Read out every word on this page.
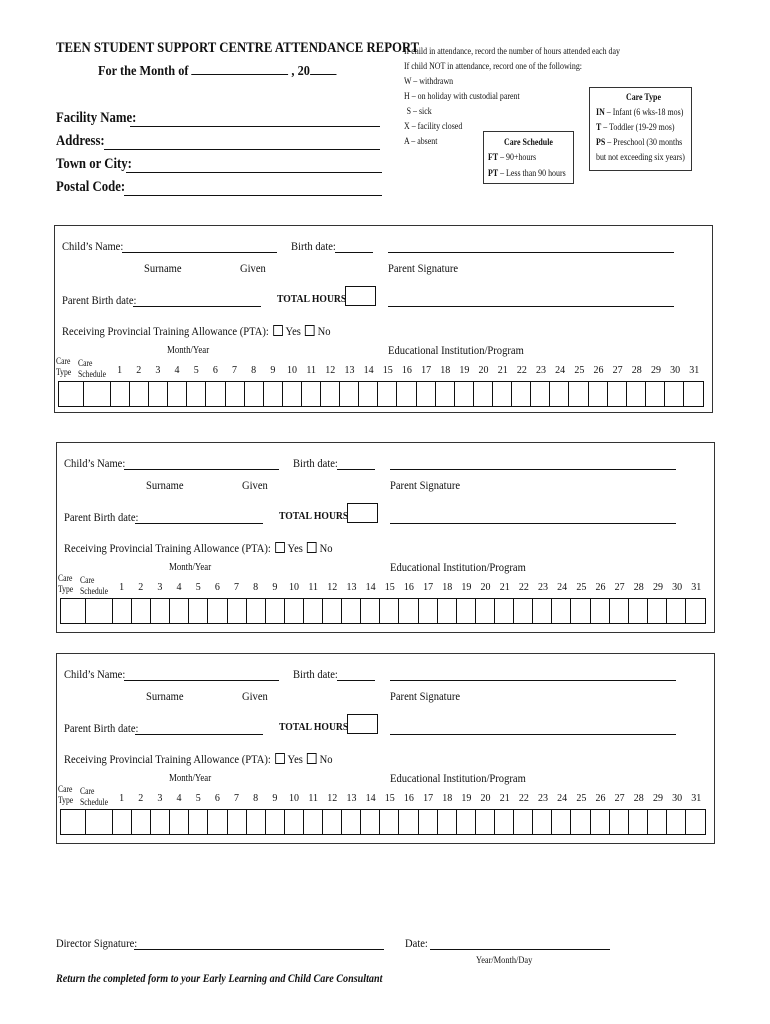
TEEN STUDENT SUPPORT CENTRE ATTENDANCE REPORT
For the Month of	, 20
Facility Name:
Address:
Town or City:
Postal Code:
If child in attendance, record the number of hours attended each day
If child NOT in attendance, record one of the following:
W – withdrawn
H – on holiday with custodial parent
S – sick
X – facility closed
A – absent	Care Schedule
FT – 90+hours
PT – Less than 90 hours
Care Type
IN – Infant (6 wks-18 mos)
T – Toddler (19-29 mos)
PS – Preschool (30 months
but not exceeding six years)
Child’s Name:	Birth date:
Surname	Given	Parent Signature
Parent Birth date:	TOTAL HOURS
Receiving Provincial Training Allowance (PTA): Yes No
Month/Year	Educational Institution/Program
Care
Type
Care
Schedule	1	2	3	4	5	6	7	8	9	10 11 12 13 14 15 16 17 18 19 20 21 22 23 24 25 26 27 28 29 30 31
Child’s Name:	Birth date:
Surname	Given	Parent Signature
Parent Birth date:	TOTAL HOURS
Receiving Provincial Training Allowance (PTA): Yes No
Month/Year	Educational Institution/Program
Care
Type
Care
Schedule	1	2	3	4	5	6	7	8	9	10 11 12 13 14 15 16 17 18 19 20 21 22 23 24 25 26 27 28 29 30 31
Child’s Name:	Birth date:
Surname	Given	Parent Signature
Parent Birth date:	TOTAL HOURS
Receiving Provincial Training Allowance (PTA): Yes No
Month/Year	Educational Institution/Program
Care
Type
Care
Schedule	1	2	3	4	5	6	7	8	9	10 11 12 13 14 15 16 17 18 19 20 21 22 23 24 25 26 27 28 29 30 31
Director Signature:	Date:
Year/Month/Day
Return the completed form to your Early Learning and Child Care Consultant
